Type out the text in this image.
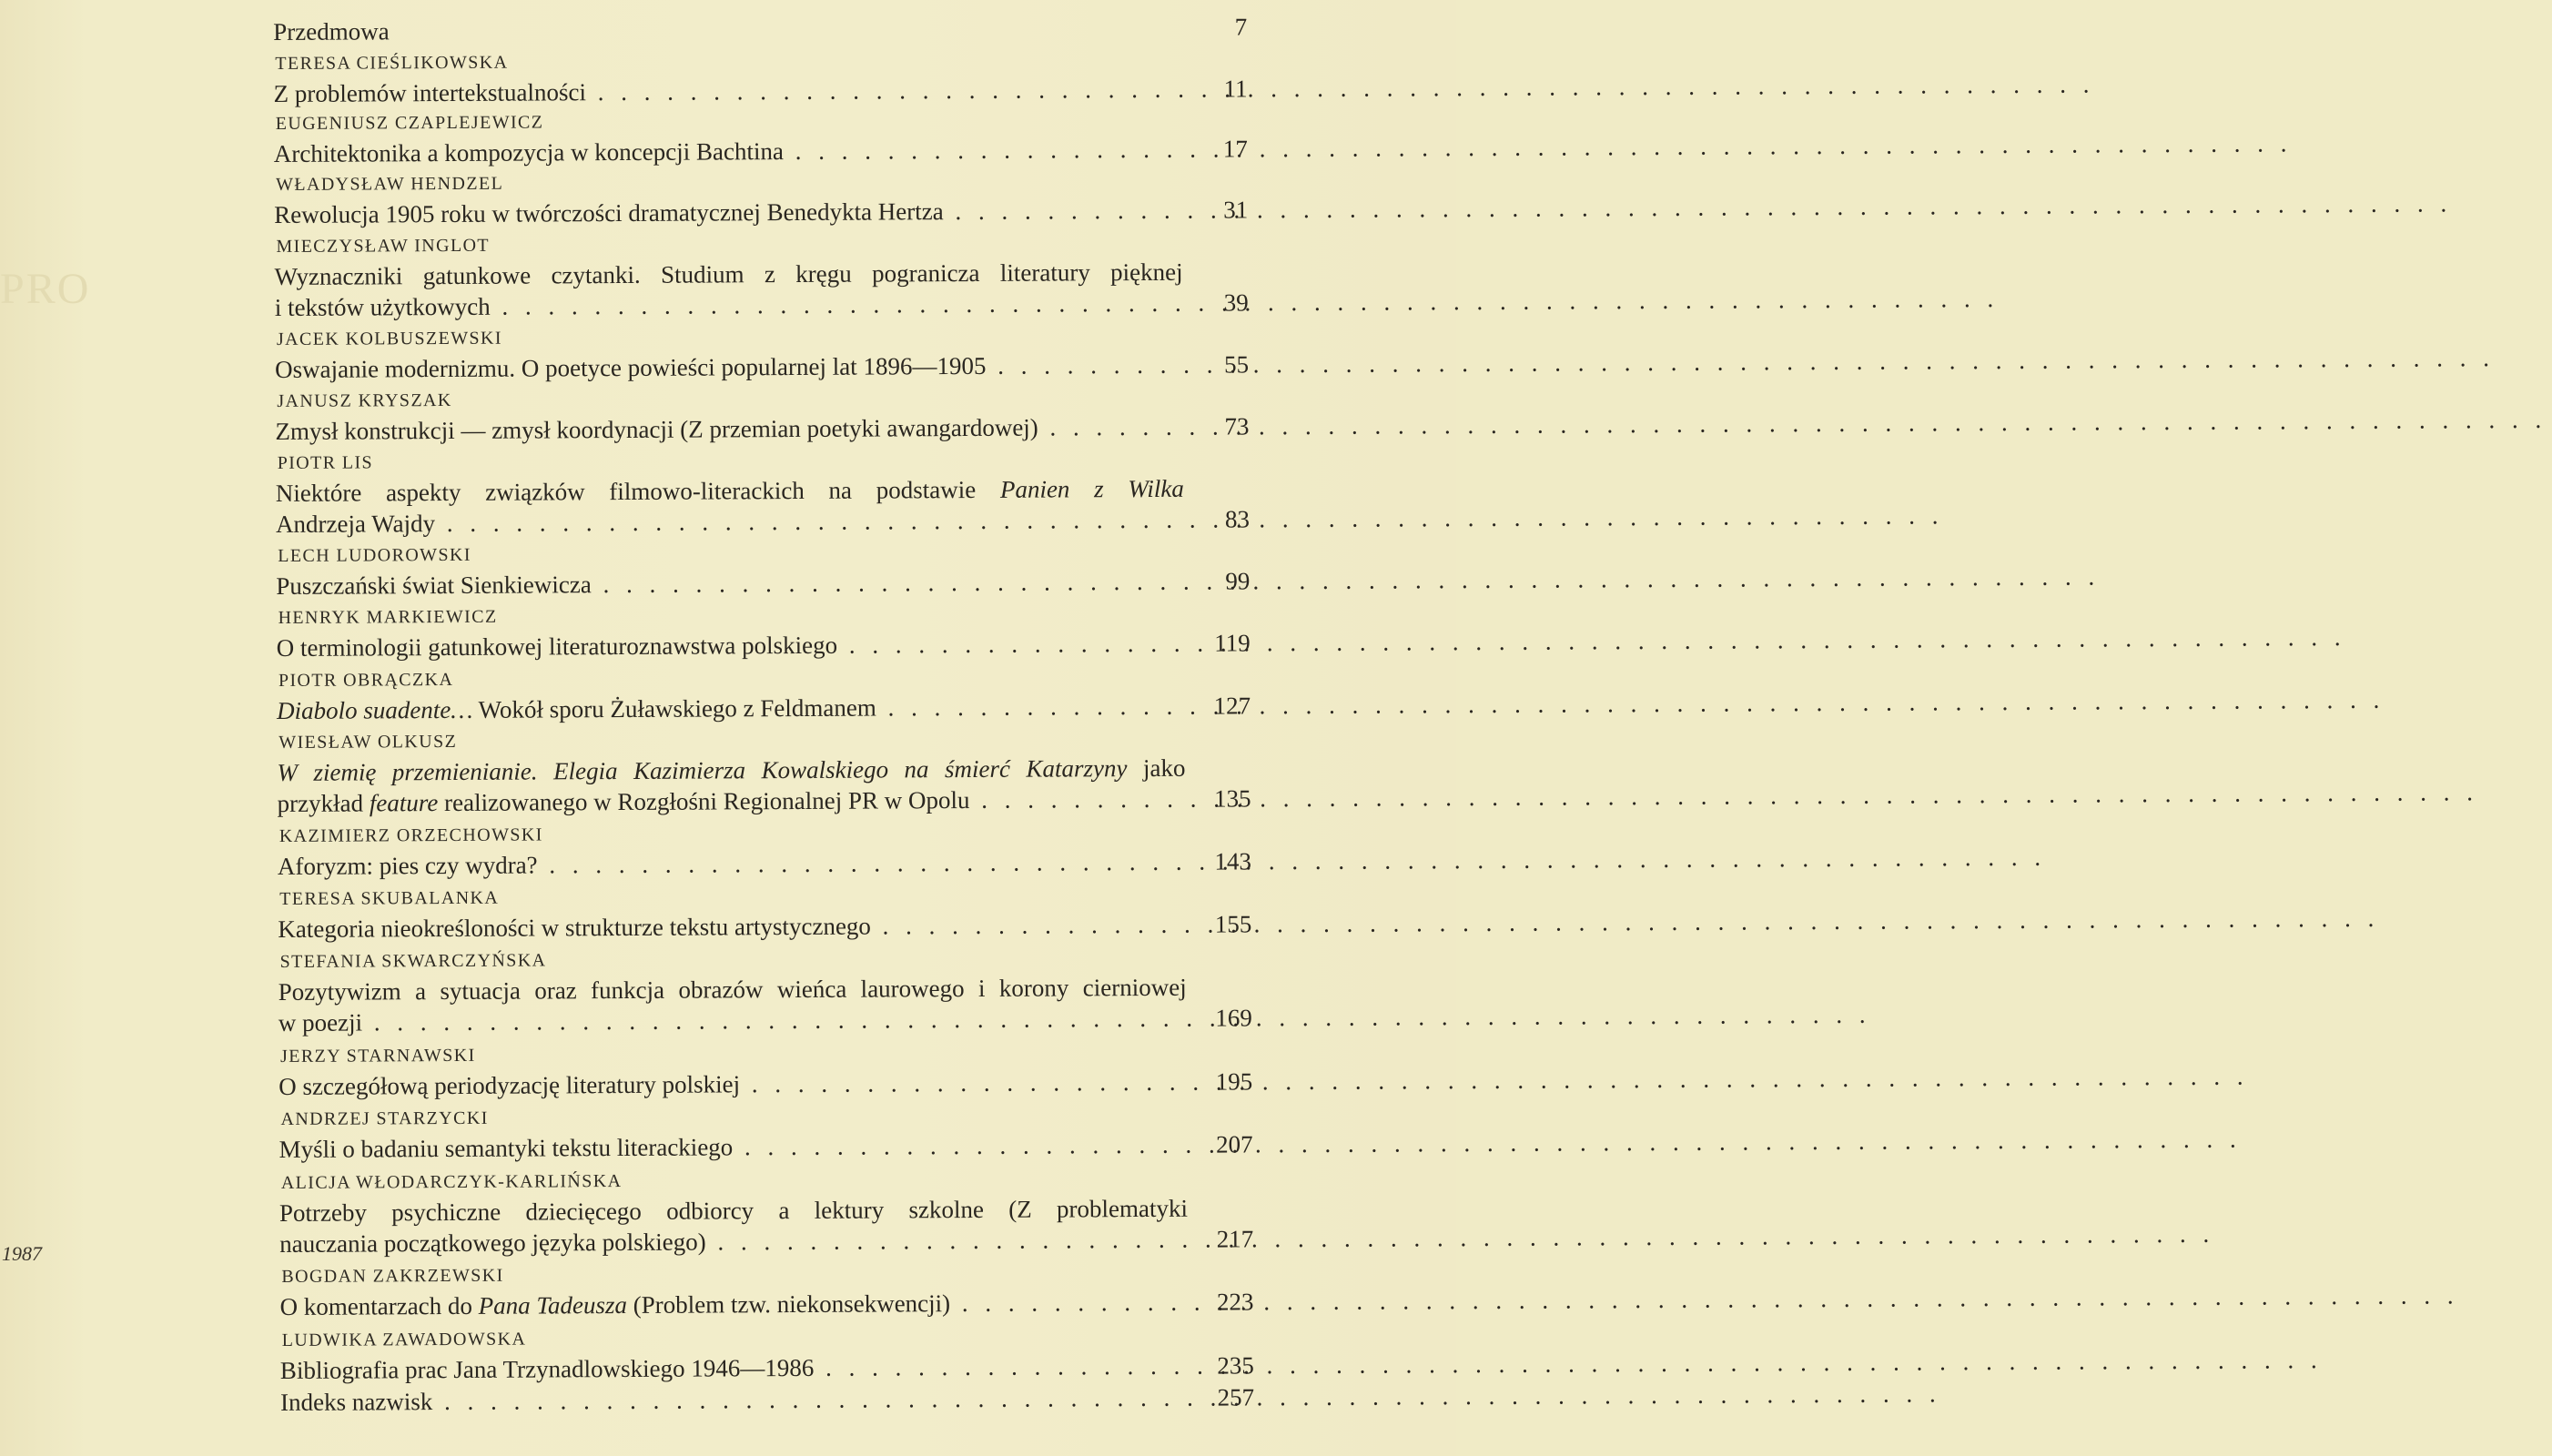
PRO
1987
Przedmowa	7
TERESA CIEŚLIKOWSKA
Z problemów intertekstualności . . .	11
EUGENIUSZ CZAPLEJEWICZ
Architektonika a kompozycja w koncepcji Bachtina . . .	17
WŁADYSŁAW HENDZEL
Rewolucja 1905 roku w twórczości dramatycznej Benedykta Hertza . . .	31
MIECZYSŁAW INGLOT
Wyznaczniki gatunkowe czytanki. Studium z kręgu pogranicza literatury pięknej
i tekstów użytkowych . . .	39
JACEK KOLBUSZEWSKI
Oswajanie modernizmu. O poetyce powieści popularnej lat 1896—1905 . . .	55
JANUSZ KRYSZAK
Zmysł konstrukcji — zmysł koordynacji (Z przemian poetyki awangardowej) . . .	73
PIOTR LIS
Niektóre aspekty związków filmowo-literackich na podstawie Panien z Wilka
Andrzeja Wajdy . . .	83
LECH LUDOROWSKI
Puszczański świat Sienkiewicza . . .	99
HENRYK MARKIEWICZ
O terminologii gatunkowej literaturoznawstwa polskiego . . .	119
PIOTR OBRĄCZKA
Diabolo suadente… Wokół sporu Żuławskiego z Feldmanem . . .	127
WIESŁAW OLKUSZ
W ziemię przemienianie. Elegia Kazimierza Kowalskiego na śmierć Katarzyny jako
przykład feature realizowanego w Rozgłośni Regionalnej PR w Opolu . . .	135
KAZIMIERZ ORZECHOWSKI
Aforyzm: pies czy wydra? . . .	143
TERESA SKUBALANKA
Kategoria nieokreśloności w strukturze tekstu artystycznego . . .	155
STEFANIA SKWARCZYŃSKA
Pozytywizm a sytuacja oraz funkcja obrazów wieńca laurowego i korony cierniowej
w poezji . . .	169
JERZY STARNAWSKI
O szczegółową periodyzację literatury polskiej . . .	195
ANDRZEJ STARZYCKI
Myśli o badaniu semantyki tekstu literackiego . . .	207
ALICJA WŁODARCZYK-KARLIŃSKA
Potrzeby psychiczne dziecięcego odbiorcy a lektury szkolne (Z problematyki
nauczania początkowego języka polskiego) . . .	217
BOGDAN ZAKRZEWSKI
O komentarzach do Pana Tadeusza (Problem tzw. niekonsekwencji) . . .	223
LUDWIKA ZAWADOWSKA
Bibliografia prac Jana Trzynadlowskiego 1946—1986 . . .	235
Indeks nazwisk . . .	257
